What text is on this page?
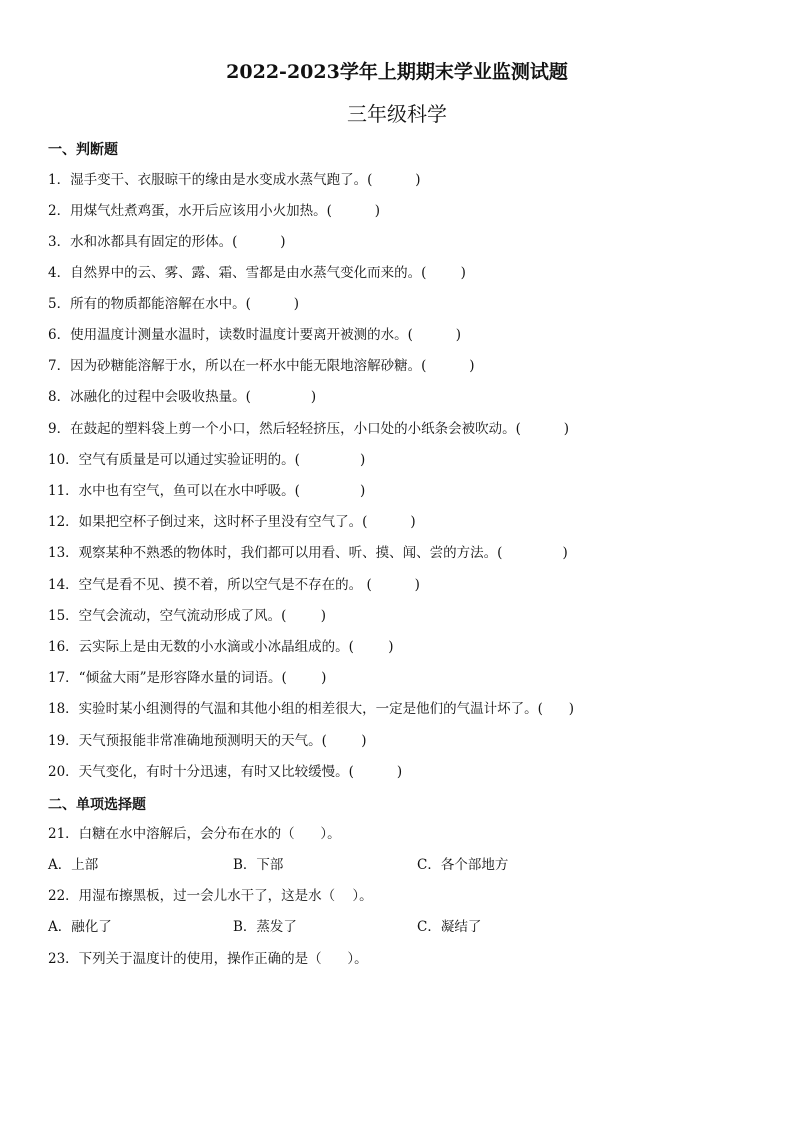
2022-2023学年上期期末学业监测试题
三年级科学
一、判断题
1．湿手变干、衣服晾干的缘由是水变成水蒸气跑了。(          )
2．用煤气灶煮鸡蛋，水开后应该用小火加热。(          )
3．水和冰都具有固定的形体。(          )
4．自然界中的云、雾、露、霜、雪都是由水蒸气变化而来的。(        )
5．所有的物质都能溶解在水中。(          )
6．使用温度计测量水温时，读数时温度计要离开被测的水。(          )
7．因为砂糖能溶解于水，所以在一杯水中能无限地溶解砂糖。(          )
8．冰融化的过程中会吸收热量。(              )
9．在鼓起的塑料袋上剪一个小口，然后轻轻挤压，小口处的小纸条会被吹动。(          )
10．空气有质量是可以通过实验证明的。(              )
11．水中也有空气，鱼可以在水中呼吸。(              )
12．如果把空杯子倒过来，这时杯子里没有空气了。(          )
13．观察某种不熟悉的物体时，我们都可以用看、听、摸、闻、尝的方法。(              )
14．空气是看不见、摸不着，所以空气是不存在的。 (          )
15．空气会流动，空气流动形成了风。(        )
16．云实际上是由无数的小水滴或小冰晶组成的。(        )
17．“倾盆大雨”是形容降水量的词语。(        )
18．实验时某小组测得的气温和其他小组的相差很大，一定是他们的气温计坏了。(      )
19．天气预报能非常准确地预测明天的天气。(        )
20．天气变化，有时十分迅速，有时又比较缓慢。(          )
二、单项选择题
21．白糖在水中溶解后，会分布在水的（      ）。
A．上部	B．下部	C．各个部地方
22．用湿布擦黑板，过一会儿水干了，这是水（    ）。
A．融化了	B．蒸发了	C．凝结了
23．下列关于温度计的使用，操作正确的是（      ）。
